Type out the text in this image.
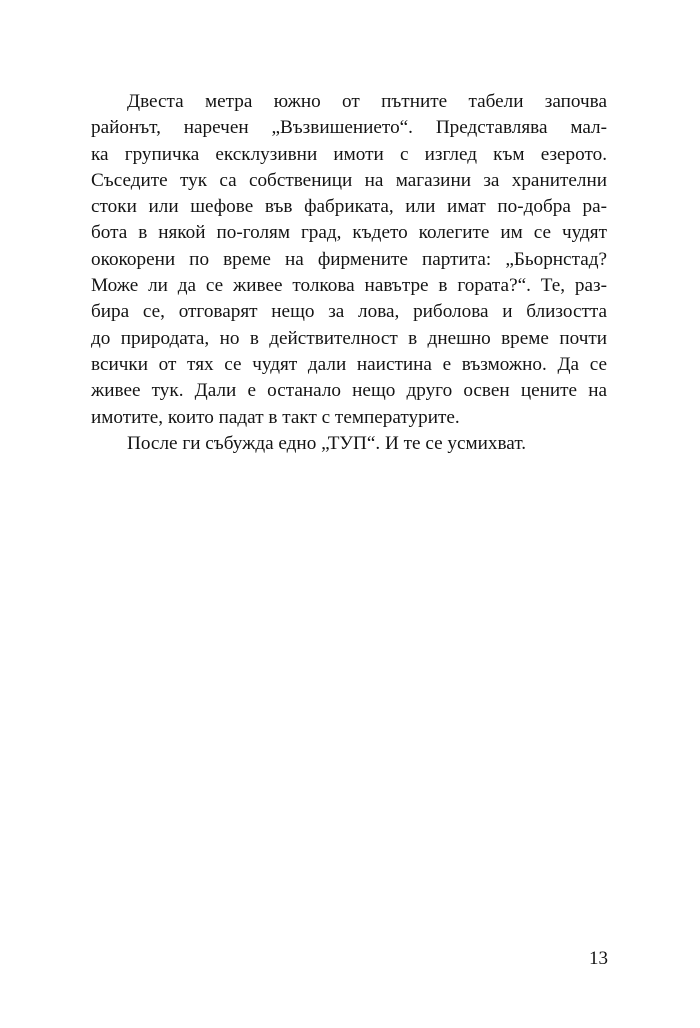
Двеста метра южно от пътните табели започва
районът, наречен „Възвишението“. Представлява мал-
ка групичка ексклузивни имоти с изглед към езерото.
Съседите тук са собственици на магазини за хранителни
стоки или шефове във фабриката, или имат по-добра ра-
бота в някой по-голям град, където колегите им се чудят
ококорени по време на фирмените партита: „Бьорнстад?
Може ли да се живее толкова навътре в гората?“. Те, раз-
бира се, отговарят нещо за лова, риболова и близостта
до природата, но в действителност в днешно време почти
всички от тях се чудят дали наистина е възможно. Да се
живее тук. Дали е останало нещо друго освен цените на
имотите, които падат в такт с температурите.
После ги събужда едно „ТУП“. И те се усмихват.
13
